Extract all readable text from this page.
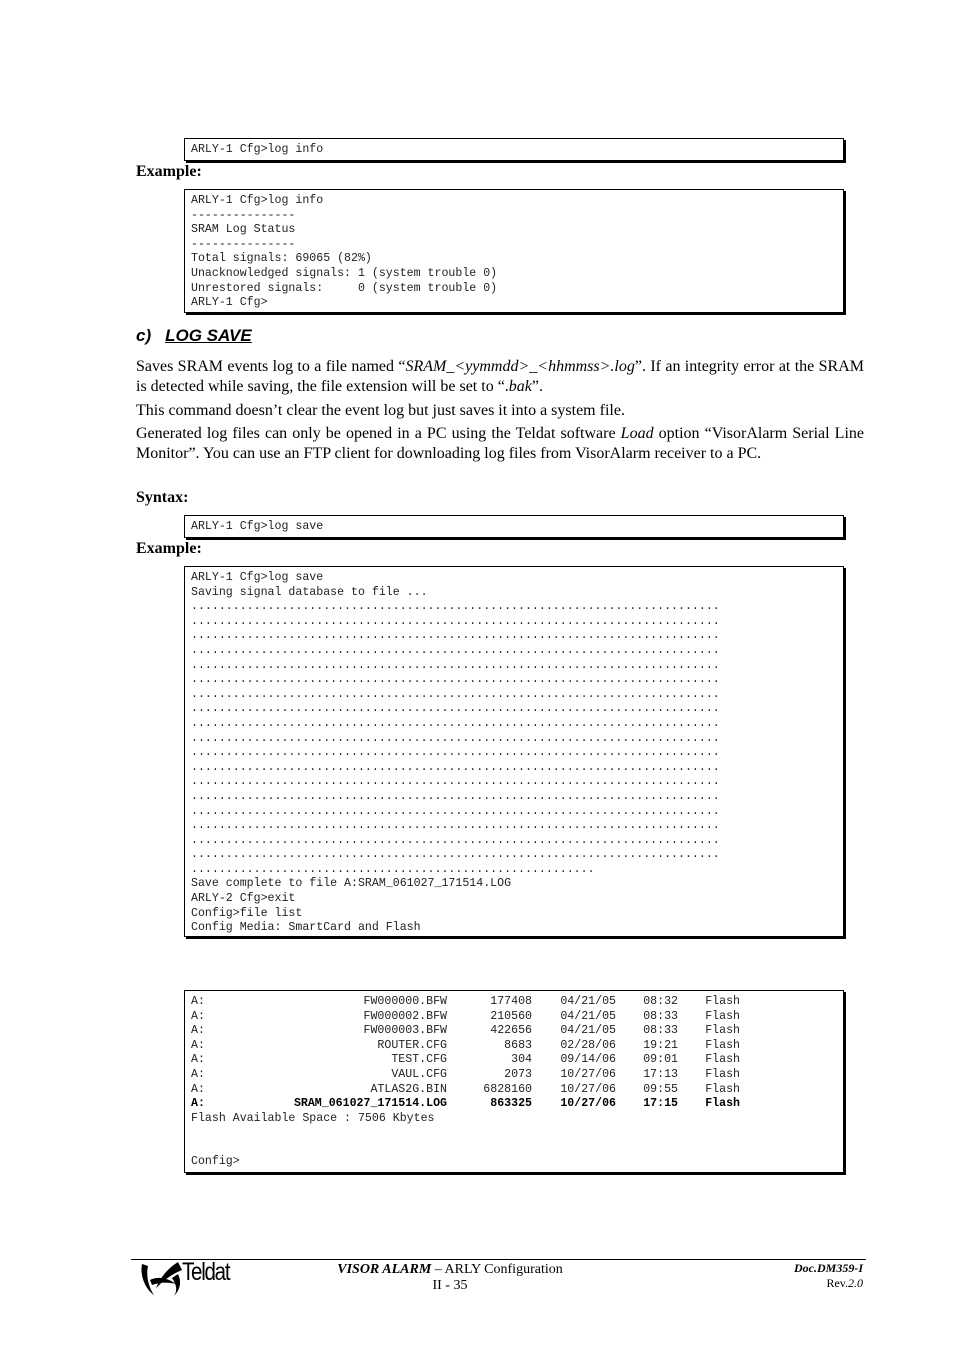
ARLY-1 Cfg>log info
Example:
ARLY-1 Cfg>log info
---------------
SRAM Log Status
---------------
Total signals: 69065 (82%)
Unacknowledged signals: 1 (system trouble 0)
Unrestored signals:     0 (system trouble 0)
ARLY-1 Cfg>
c) LOG SAVE
Saves SRAM events log to a file named “SRAM_<yymmdd>_<hhmmss>.log”. If an integrity error at the SRAM is detected while saving, the file extension will be set to “.bak”.
This command doesn’t clear the event log but just saves it into a system file.
Generated log files can only be opened in a PC using the Teldat software Load option “VisorAlarm Serial Line Monitor”. You can use an FTP client for downloading log files from VisorAlarm receiver to a PC.
Syntax:
ARLY-1 Cfg>log save
Example:
ARLY-1 Cfg>log save
Saving signal database to file ...
............................................................................
............................................................................
............................................................................
............................................................................
............................................................................
............................................................................
............................................................................
............................................................................
............................................................................
............................................................................
............................................................................
............................................................................
............................................................................
............................................................................
............................................................................
............................................................................
............................................................................
............................................................................
..........................................................
Save complete to file A:SRAM_061027_171514.LOG
ARLY-2 Cfg>exit
Config>file list
Config Media: SmartCard and Flash
A:	FW000000.BFW	177408	04/21/05	08:32	Flash
A:	FW000002.BFW	210560	04/21/05	08:33	Flash
A:	FW000003.BFW	422656	04/21/05	08:33	Flash
A:	ROUTER.CFG	8683	02/28/06	19:21	Flash
A:	TEST.CFG	304	09/14/06	09:01	Flash
A:	VAUL.CFG	2073	10/27/06	17:13	Flash
A:	ATLAS2G.BIN	6828160	10/27/06	09:55	Flash
A:	SRAM_061027_171514.LOG	863325	10/27/06	17:15	Flash
Flash Available Space : 7506 Kbytes
Config>
Teldat	VISOR ALARM – ARLY Configuration
II - 35
Doc.DM359-I
Rev.2.0
